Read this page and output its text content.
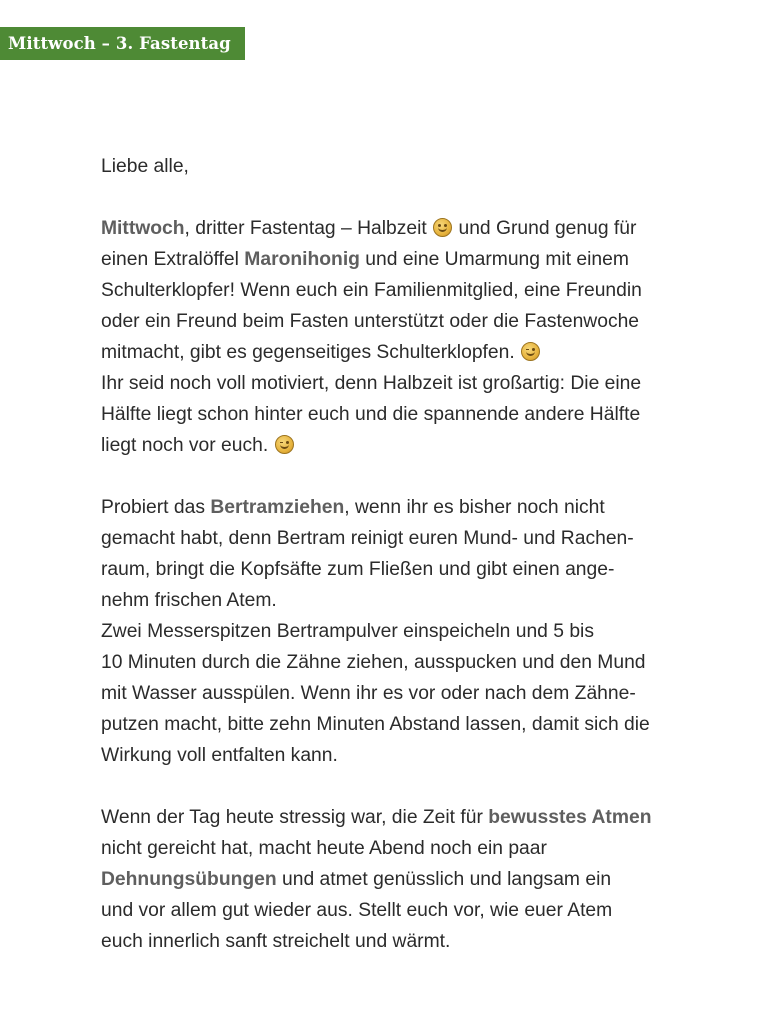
Mittwoch – 3. Fastentag

Liebe alle,

Mittwoch, dritter Fastentag – Halbzeit
und Grund genug für
einen Extralöffel Maronihonig und eine Umarmung mit einem
Schulterklopfer! Wenn euch ein Familienmitglied, eine Freundin
oder ein Freund beim Fasten unterstützt oder die Fastenwoche
mitmacht, gibt es gegenseitiges Schulterklopfen.
Ihr seid noch voll motiviert, denn Halbzeit ist großartig: Die eine
Hälfte liegt schon hinter euch und die spannende andere Hälfte
liegt noch vor euch.

Probiert das Bertramziehen, wenn ihr es bisher noch nicht
gemacht habt, denn Bertram reinigt euren Mund- und Rachen-
raum, bringt die Kopfsäfte zum Fließen und gibt einen ange-
nehm frischen Atem.
Zwei Messerspitzen Bertrampulver einspeicheln und 5 bis
10 Minuten durch die Zähne ziehen, ausspucken und den Mund
mit Wasser ausspülen. Wenn ihr es vor oder nach dem Zähne-
putzen macht, bitte zehn Minuten Abstand lassen, damit sich die
Wirkung voll entfalten kann.

Wenn der Tag heute stressig war, die Zeit für bewusstes Atmen
nicht gereicht hat, macht heute Abend noch ein paar
Dehnungsübungen und atmet genüsslich und langsam ein
und vor allem gut wieder aus. Stellt euch vor, wie euer Atem
euch innerlich sanft streichelt und wärmt.
